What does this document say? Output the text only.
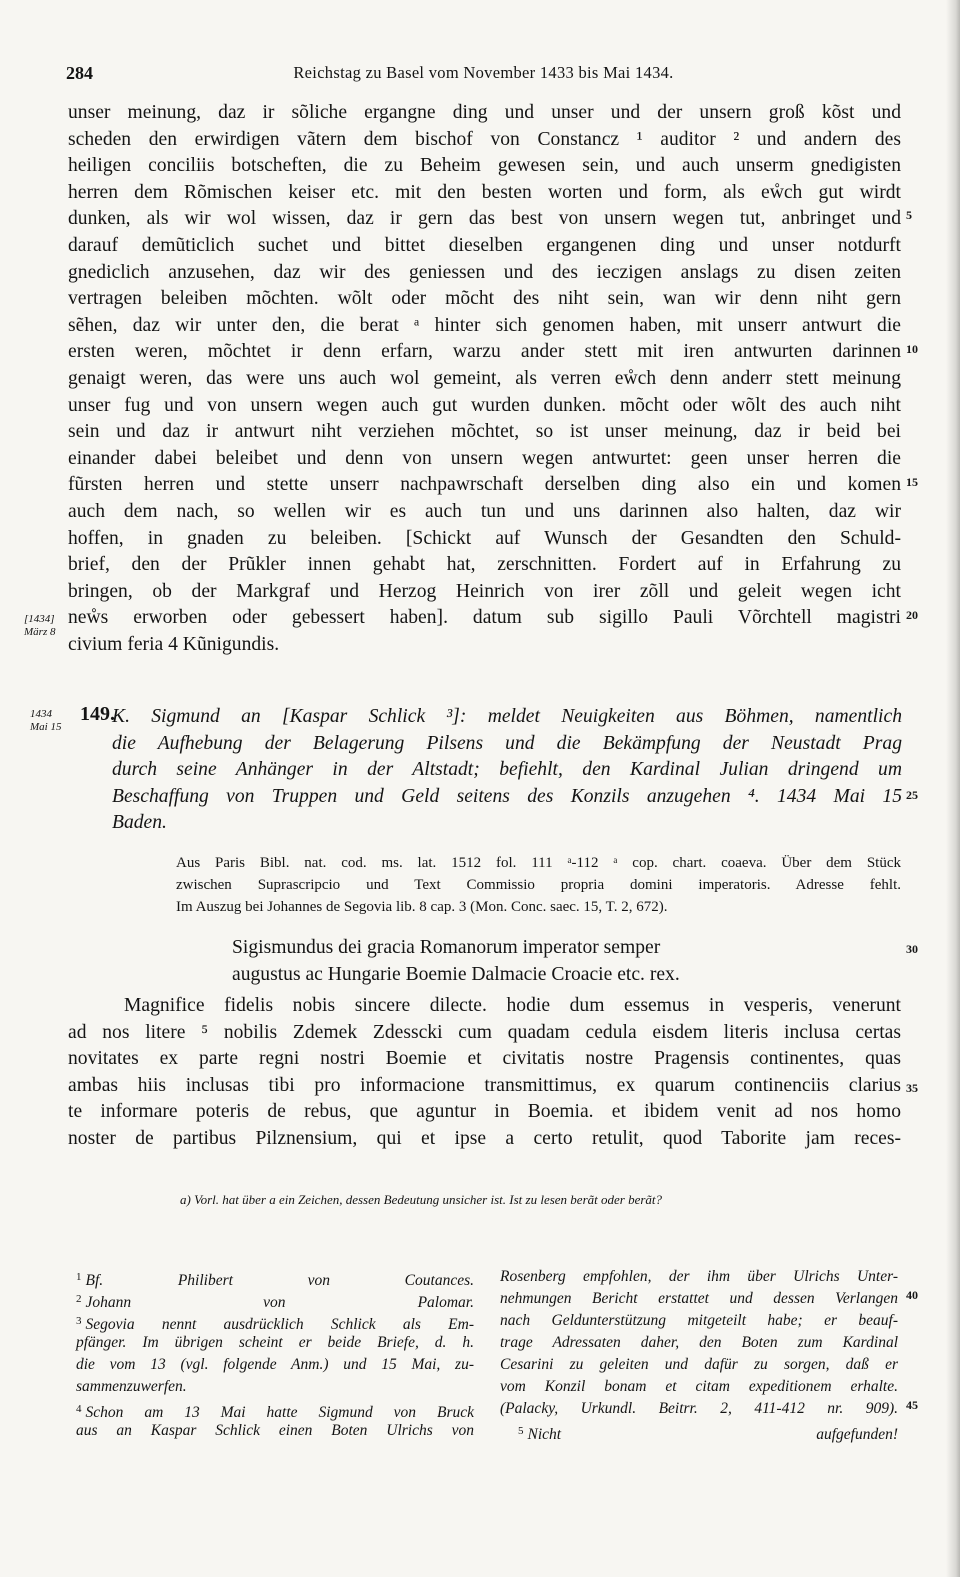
284	Reichstag zu Basel vom November 1433 bis Mai 1434.
unser meinung, daz ir sõliche ergangne ding und unser und der unsern groß kõst und
scheden den erwirdigen vãtern dem bischof von Constancz ¹ auditor ² und andern des
heiligen conciliis botscheften, die zu Beheim gewesen sein, und auch unserm gnedigisten
herren dem Rõmischen keiser etc. mit den besten worten und form, als eẘch gut wirdt
dunken, als wir wol wissen, daz ir gern das best von unsern wegen tut, anbringet und
darauf demũticlich suchet und bittet dieselben ergangenen ding und unser notdurft
gnediclich anzusehen, daz wir des geniessen und des ieczigen anslags zu disen zeiten
vertragen beleiben mõchten. wõlt oder mõcht des niht sein, wan wir denn niht gern
sẽhen, daz wir unter den, die berat ᵃ hinter sich genomen haben, mit unserr antwurt die
ersten weren, mõchtet ir denn erfarn, warzu ander stett mit iren antwurten darinnen
genaigt weren, das were uns auch wol gemeint, als verren eẘch denn anderr stett meinung
unser fug und von unsern wegen auch gut wurden dunken. mõcht oder wõlt des auch niht
sein und daz ir antwurt niht verziehen mõchtet, so ist unser meinung, daz ir beid bei
einander dabei beleibet und denn von unsern wegen antwurtet: geen unser herren die
fũrsten herren und stette unserr nachpawrschaft derselben ding also ein und komen
auch dem nach, so wellen wir es auch tun und uns darinnen also halten, daz wir
hoffen, in gnaden zu beleiben. [Schickt auf Wunsch der Gesandten den Schuld-
brief, den der Prũkler innen gehabt hat, zerschnitten. Fordert auf in Erfahrung zu
bringen, ob der Markgraf und Herzog Heinrich von irer zõll und geleit wegen icht
neẘs erworben oder gebessert haben]. datum sub sigillo Pauli Võrchtell magistri
civium feria 4 Kũnigundis.
5
10
15
20
[1434]
März 8
1434
Mai 15
149.
K. Sigmund an [Kaspar Schlick ³]: meldet Neuigkeiten aus Böhmen, namentlich
die Aufhebung der Belagerung Pilsens und die Bekämpfung der Neustadt Prag
durch seine Anhänger in der Altstadt; befiehlt, den Kardinal Julian dringend um
Beschaffung von Truppen und Geld seitens des Konzils anzugehen ⁴. 1434 Mai 15
Baden.
25
Aus Paris Bibl. nat. cod. ms. lat. 1512 fol. 111 ᵃ-112 ᵃ cop. chart. coaeva. Über dem Stück
zwischen Suprascripcio und Text Commissio propria domini imperatoris. Adresse fehlt.
Im Auszug bei Johannes de Segovia lib. 8 cap. 3 (Mon. Conc. saec. 15, T. 2, 672).
Sigismundus dei gracia Romanorum imperator semper
augustus ac Hungarie Boemie Dalmacie Croacie etc. rex.
30
Magnifice fidelis nobis sincere dilecte. hodie dum essemus in vesperis, venerunt
ad nos litere ⁵ nobilis Zdemek Zdessckі cum quadam cedula eisdem literis inclusa certas
novitates ex parte regni nostri Boemie et civitatis nostre Pragensis continentes, quas
ambas hiis inclusas tibi pro informacione transmittimus, ex quarum continenciis clarius
te informare poteris de rebus, que aguntur in Boemia. et ibidem venit ad nos homo
noster de partibus Pilznensium, qui et ipse a certo retulit, quod Taborite jam reces-
35
a) Vorl. hat über a ein Zeichen, dessen Bedeutung unsicher ist. Ist zu lesen berãt oder berãt?
$^1$ Bf. Philibert von Coutances.
$^2$ Johann von Palomar.
$^3$ Segovia nennt ausdrücklich Schlick als Em-
pfänger. Im übrigen scheint er beide Briefe, d. h.
die vom 13 (vgl. folgende Anm.) und 15 Mai, zu-
sammenzuwerfen.
$^4$ Schon am 13 Mai hatte Sigmund von Bruck
aus an Kaspar Schlick einen Boten Ulrichs von
Rosenberg empfohlen, der ihm über Ulrichs Unter-
nehmungen Bericht erstattet und dessen Verlangen
nach Geldunterstützung mitgeteilt habe; er beauf-
trage Adressaten daher, den Boten zum Kardinal
Cesarini zu geleiten und dafür zu sorgen, daß er
vom Konzil bonam et citam expeditionem erhalte.
(Palacky, Urkundl. Beitrr. 2, 411-412 nr. 909).
$^5$ Nicht aufgefunden!
40
45
